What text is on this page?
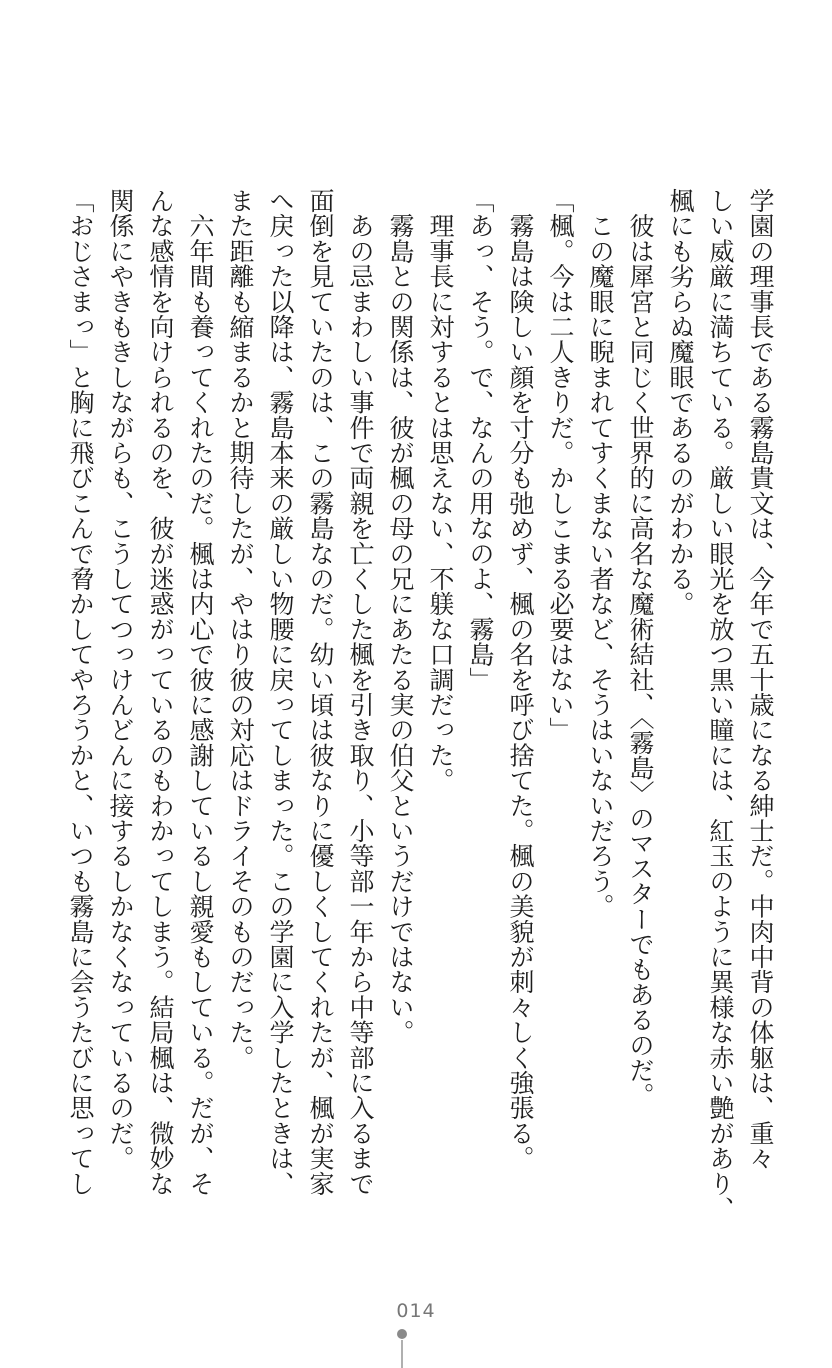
学園の理事長である霧島貴文は、今年で五十歳になる紳士だ。中肉中背の体躯は、重々
しい威厳に満ちている。厳しい眼光を放つ黒い瞳には、紅玉のように異様な赤い艶があり、
楓にも劣らぬ魔眼であるのがわかる。
　彼は犀宮と同じく世界的に高名な魔術結社、〈霧島〉のマスターでもあるのだ。
　この魔眼に睨まれてすくまない者など、そうはいないだろう。
「楓。今は二人きりだ。かしこまる必要はない」
　霧島は険しい顔を寸分も弛めず、楓の名を呼び捨てた。楓の美貌が刺々しく強張る。
「あっ、そう。で、なんの用なのよ、霧島」
　理事長に対するとは思えない、不躾な口調だった。
　霧島との関係は、彼が楓の母の兄にあたる実の伯父というだけではない。
　あの忌まわしい事件で両親を亡くした楓を引き取り、小等部一年から中等部に入るまで
面倒を見ていたのは、この霧島なのだ。幼い頃は彼なりに優しくしてくれたが、楓が実家
へ戻った以降は、霧島本来の厳しい物腰に戻ってしまった。この学園に入学したときは、
また距離も縮まるかと期待したが、やはり彼の対応はドライそのものだった。
　六年間も養ってくれたのだ。楓は内心で彼に感謝しているし親愛もしている。だが、そ
んな感情を向けられるのを、彼が迷惑がっているのもわかってしまう。結局楓は、微妙な
関係にやきもきしながらも、こうしてつっけんどんに接するしかなくなっているのだ。
「おじさまっ」と胸に飛びこんで脅かしてやろうかと、いつも霧島に会うたびに思ってし
014
